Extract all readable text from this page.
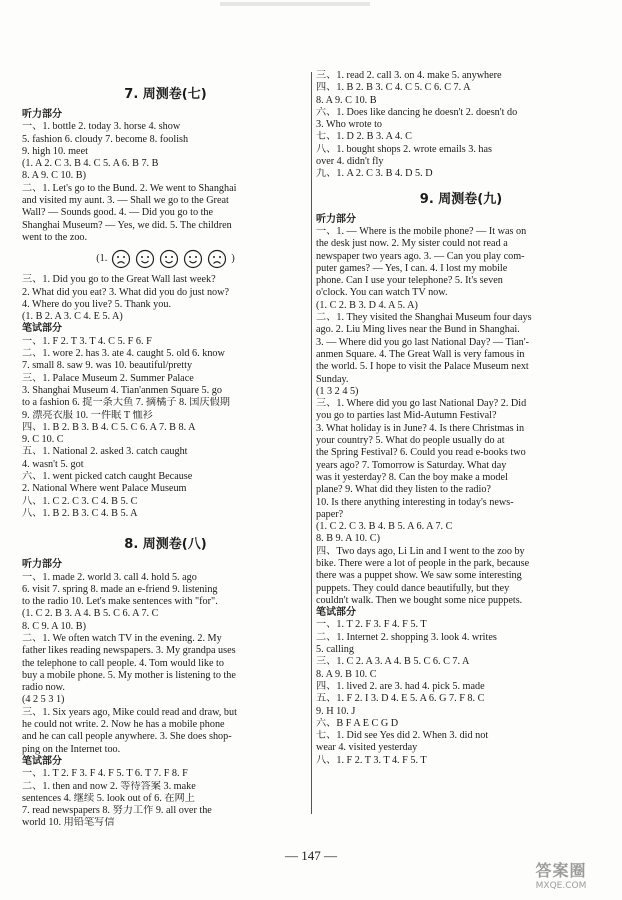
7. 周测卷(七)
听力部分
一、1. bottle 2. today 3. horse 4. show
5. fashion 6. cloudy 7. become 8. foolish
9. high 10. meet
(1. A 2. C 3. B 4. C 5. A 6. B 7. B
8. A 9. C 10. B)
二、1. Let's go to the Bund. 2. We went to Shanghai
and visited my aunt. 3. — Shall we go to the Great
Wall? — Sounds good. 4. — Did you go to the
Shanghai Museum? — Yes, we did. 5. The children
went to the zoo.
(1.	)
三、1. Did you go to the Great Wall last week?
2. What did you eat? 3. What did you do just now?
4. Where do you live? 5. Thank you.
(1. B 2. A 3. C 4. E 5. A)
笔试部分
一、1. F 2. T 3. T 4. C 5. F 6. F
二、1. wore 2. has 3. ate 4. caught 5. old 6. know
7. small 8. saw 9. was 10. beautiful/pretty
三、1. Palace Museum 2. Summer Palace
3. Shanghai Museum 4. Tian'anmen Square 5. go
to a fashion 6. 捉一条大鱼 7. 摘橘子 8. 国庆假期
9. 漂亮衣服 10. 一件眠 T 恤衫
四、1. B 2. B 3. B 4. C 5. C 6. A 7. B 8. A
9. C 10. C
五、1. National 2. asked 3. catch caught
4. wasn't 5. got
六、1. went picked catch caught Because
2. National Where went Palace Museum
八、1. C 2. C 3. C 4. B 5. C
八、1. B 2. B 3. C 4. B 5. A
8. 周测卷(八)
听力部分
一、1. made 2. world 3. call 4. hold 5. ago
6. visit 7. spring 8. made an e-friend 9. listening
to the radio 10. Let's make sentences with "for".
(1. C 2. B 3. A 4. B 5. C 6. A 7. C
8. C 9. A 10. B)
二、1. We often watch TV in the evening. 2. My
father likes reading newspapers. 3. My grandpa uses
the telephone to call people. 4. Tom would like to
buy a mobile phone. 5. My mother is listening to the
radio now.
(4 2 5 3 1)
三、1. Six years ago, Mike could read and draw, but
he could not write. 2. Now he has a mobile phone
and he can call people anywhere. 3. She does shop-
ping on the Internet too.
笔试部分
一、1. T 2. F 3. F 4. F 5. T 6. T 7. F 8. F
二、1. then and now 2. 等待答案 3. make
sentences 4. 继续 5. look out of 6. 在网上
7. read newspapers 8. 努力工作 9. all over the
world 10. 用铅笔写信
三、1. read 2. call 3. on 4. make 5. anywhere
四、1. B 2. B 3. C 4. C 5. C 6. C 7. A
8. A 9. C 10. B
六、1. Does like dancing he doesn't 2. doesn't do
3. Who wrote to
七、1. D 2. B 3. A 4. C
八、1. bought shops 2. wrote emails 3. has
over 4. didn't fly
九、1. A 2. C 3. B 4. D 5. D
9. 周测卷(九)
听力部分
一、1. — Where is the mobile phone? — It was on
the desk just now. 2. My sister could not read a
newspaper two years ago. 3. — Can you play com-
puter games? — Yes, I can. 4. I lost my mobile
phone. Can I use your telephone? 5. It's seven
o'clock. You can watch TV now.
(1. C 2. B 3. D 4. A 5. A)
二、1. They visited the Shanghai Museum four days
ago. 2. Liu Ming lives near the Bund in Shanghai.
3. — Where did you go last National Day? — Tian'-
anmen Square. 4. The Great Wall is very famous in
the world. 5. I hope to visit the Palace Museum next
Sunday.
(1 3 2 4 5)
三、1. Where did you go last National Day? 2. Did
you go to parties last Mid-Autumn Festival?
3. What holiday is in June? 4. Is there Christmas in
your country? 5. What do people usually do at
the Spring Festival? 6. Could you read e-books two
years ago? 7. Tomorrow is Saturday. What day
was it yesterday? 8. Can the boy make a model
plane? 9. What did they listen to the radio?
10. Is there anything interesting in today's news-
paper?
(1. C 2. C 3. B 4. B 5. A 6. A 7. C
8. B 9. A 10. C)
四、Two days ago, Li Lin and I went to the zoo by
bike. There were a lot of people in the park, because
there was a puppet show. We saw some interesting
puppets. They could dance beautifully, but they
couldn't walk. Then we bought some nice puppets.
笔试部分
一、1. T 2. F 3. F 4. F 5. T
二、1. Internet 2. shopping 3. look 4. writes
5. calling
三、1. C 2. A 3. A 4. B 5. C 6. C 7. A
8. A 9. B 10. C
四、1. lived 2. are 3. had 4. pick 5. made
五、1. F 2. I 3. D 4. E 5. A 6. G 7. F 8. C
9. H 10. J
六、B F A E C G D
七、1. Did see Yes did 2. When 3. did not
wear 4. visited yesterday
八、1. F 2. T 3. T 4. F 5. T
— 147 —
答案圈
MXQE.COM
